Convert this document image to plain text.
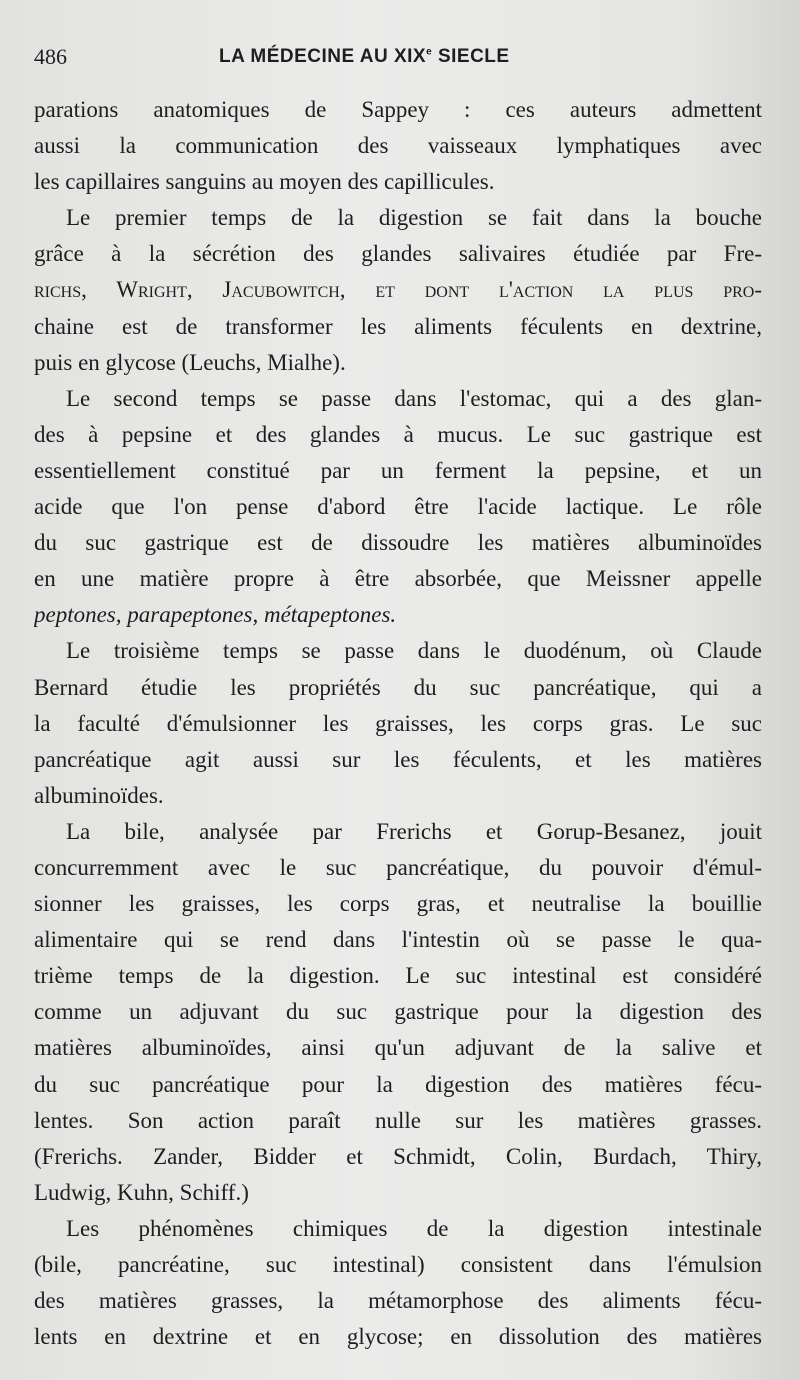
486	LA MÉDECINE AU XIXe SIECLE
parations anatomiques de Sappey : ces auteurs admettent
aussi la communication des vaisseaux lymphatiques avec
les capillaires sanguins au moyen des capillicules.
Le premier temps de la digestion se fait dans la bouche
grâce à la sécrétion des glandes salivaires étudiée par Fre-
richs, Wright, Jacubowitch, et dont l'action la plus pro-
chaine est de transformer les aliments féculents en dextrine,
puis en glycose (Leuchs, Mialhe).
Le second temps se passe dans l'estomac, qui a des glan-
des à pepsine et des glandes à mucus. Le suc gastrique est
essentiellement constitué par un ferment la pepsine, et un
acide que l'on pense d'abord être l'acide lactique. Le rôle
du suc gastrique est de dissoudre les matières albuminoïdes
en une matière propre à être absorbée, que Meissner appelle
peptones, parapeptones, métapeptones.
Le troisième temps se passe dans le duodénum, où Claude
Bernard étudie les propriétés du suc pancréatique, qui a
la faculté d'émulsionner les graisses, les corps gras. Le suc
pancréatique agit aussi sur les féculents, et les matières
albuminoïdes.
La bile, analysée par Frerichs et Gorup-Besanez, jouit
concurremment avec le suc pancréatique, du pouvoir d'émul-
sionner les graisses, les corps gras, et neutralise la bouillie
alimentaire qui se rend dans l'intestin où se passe le qua-
trième temps de la digestion. Le suc intestinal est considéré
comme un adjuvant du suc gastrique pour la digestion des
matières albuminoïdes, ainsi qu'un adjuvant de la salive et
du suc pancréatique pour la digestion des matières fécu-
lentes. Son action paraît nulle sur les matières grasses.
(Frerichs. Zander, Bidder et Schmidt, Colin, Burdach, Thiry,
Ludwig, Kuhn, Schiff.)
Les phénomènes chimiques de la digestion intestinale
(bile, pancréatine, suc intestinal) consistent dans l'émulsion
des matières grasses, la métamorphose des aliments fécu-
lents en dextrine et en glycose; en dissolution des matières
